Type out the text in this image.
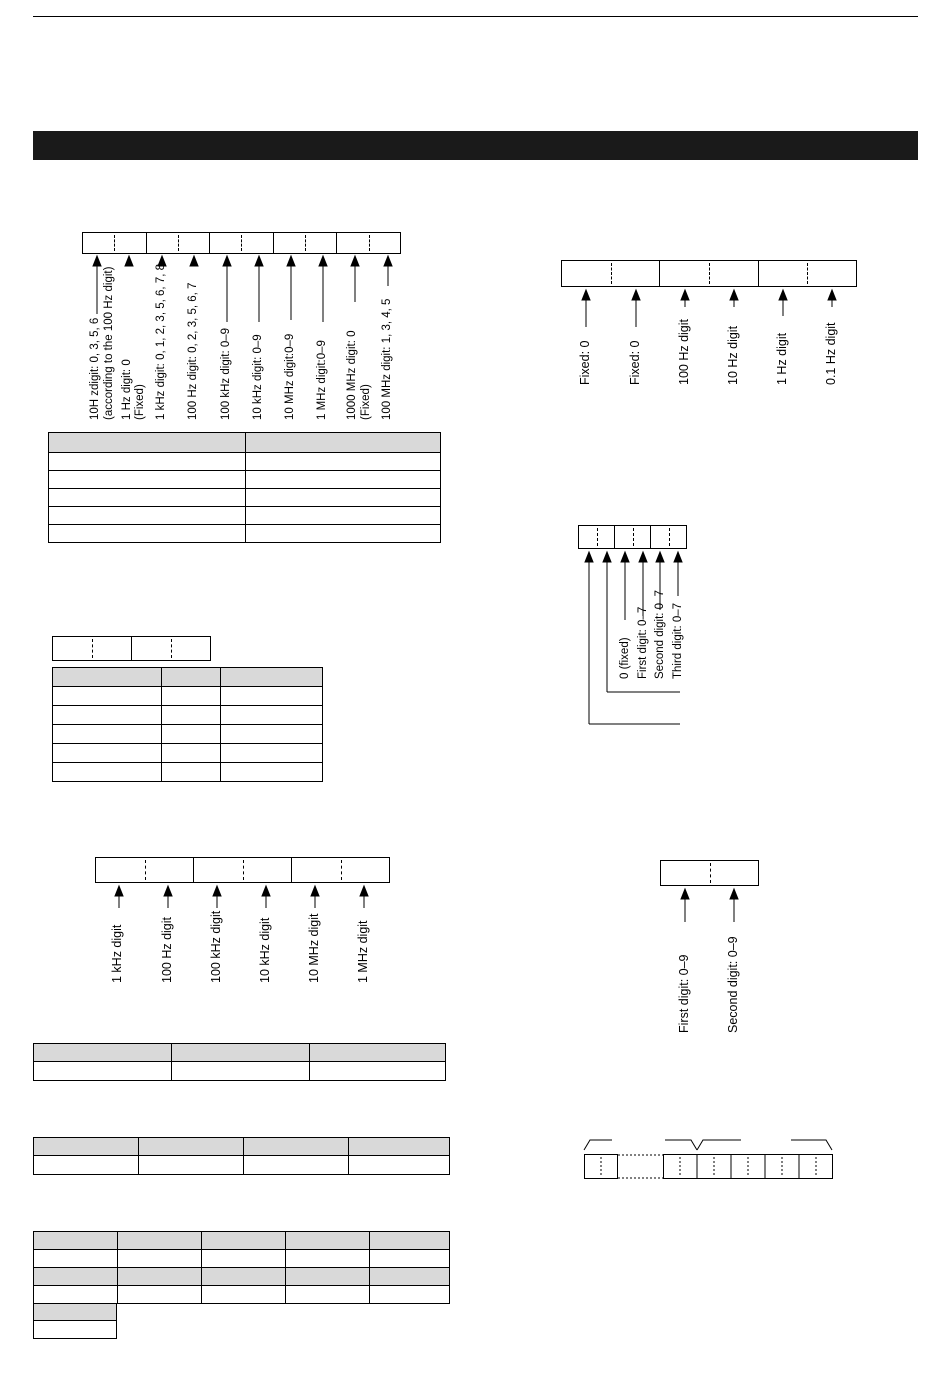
10H zdigit: 0, 3, 5, 6 (according to the 100 Hz digit) 1 Hz digit: 0 (Fixed) 1 kHz digit: 0, 1, 2, 3, 5, 6, 7, 8 100 Hz digit: 0, 2, 3, 5, 6, 7 100 kHz digit: 0–9 10 kHz digit: 0–9 10 MHz digit:0–9 1 MHz digit:0–9 1000 MHz digit: 0 (Fixed) 100 MHz digit: 1, 3, 4, 5

1 kHz digit	100 Hz digit	100 kHz digit	10 kHz digit	10 MHz digit	1 MHz digit

Fixed: 0	Fixed: 0	100 Hz digit	10 Hz digit	1 Hz digit	0.1 Hz digit
0 (fixed) First digit: 0–7 Second digit: 0–7 Third digit: 0–7
First digit: 0–9	Second digit: 0–9
